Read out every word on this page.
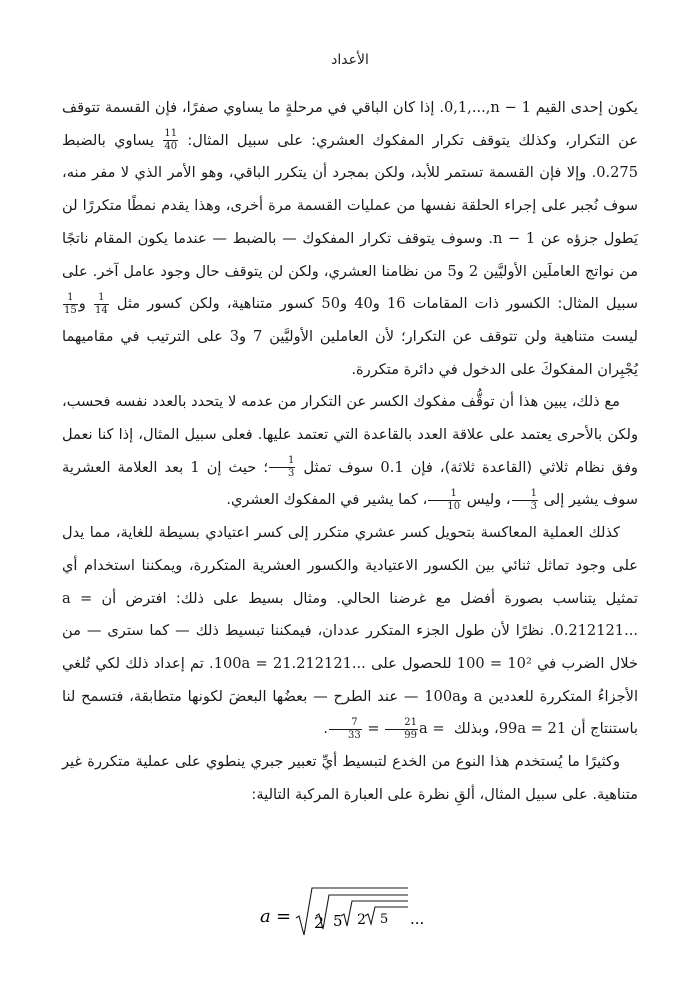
الأعداد

يكون إحدى القيم 0,1,...,n − 1. إذا كان الباقي في مرحلةٍ ما يساوي صفرًا، فإن القسمة تتوقف عن التكرار، وكذلك يتوقف تكرار المفكوك العشري: على سبيل المثال:
$\frac{11}{40}$
يساوي بالضبط 0.275. وإلا فإن القسمة تستمر للأبد، ولكن بمجرد أن يتكرر الباقي، وهو الأمر الذي لا مفر منه، سوف نُجبر على إجراء الحلقة نفسها من عمليات القسمة مرة أخرى، وهذا يقدم نمطًا متكررًا لن يَطول جزؤه عن n − 1. وسوف يتوقف تكرار المفكوك — بالضبط — عندما يكون المقام ناتجًا من نواتج العاملَين الأوليَّين 2 و5 من نظامنا العشري، ولكن لن يتوقف حال وجود عامل آخر. على سبيل المثال: الكسور ذات المقامات 16 و40 و50 كسور متناهية، ولكن كسور مثل
$\frac{1}{14}$
و
$\frac{1}{15}$
ليست متناهية ولن تتوقف عن التكرار؛ لأن العاملين الأوليَّين 7 و3 على الترتيب في مقاميهما يُجْبِران المفكوكَ على الدخول في دائرة متكررة.

مع ذلك، يبين هذا أن توقُّف مفكوك الكسر عن التكرار من عدمه لا يتحدد بالعدد نفسه فحسب، ولكن بالأحرى يعتمد على علاقة العدد بالقاعدة التي تعتمد عليها. فعلى سبيل المثال، إذا كنا نعمل وفق نظام ثلاثي (القاعدة ثلاثة)، فإن 0.1 سوف تمثل
$\frac{1}{3}$
؛ حيث إن 1 بعد العلامة العشرية سوف يشير إلى
$\frac{1}{3}$
، وليس
$\frac{1}{10}$
، كما يشير في المفكوك العشري.

كذلك العملية المعاكسة بتحويل كسر عشري متكرر إلى كسر اعتيادي بسيطة للغاية، مما يدل على وجود تماثل ثنائي بين الكسور الاعتيادية والكسور العشرية المتكررة، ويمكننا استخدام أي تمثيل يتناسب بصورة أفضل مع غرضنا الحالي. ومثال بسيط على ذلك: افترض أن a = 0.212121.... نظرًا لأن طول الجزء المتكرر عددان، فيمكننا تبسيط ذلك — كما سترى — من خلال الضرب في 100 = 10² للحصول على 100a = 21.212121.... تم إعداد ذلك لكي تُلغي الأجزاءُ المتكررة للعددين a و100a — عند الطرح — بعضُها البعضَ لكونها متطابقة، فتسمح لنا باستنتاج أن 99a = 21، وبذلك a =
$\frac{21}{99}$
=
$\frac{7}{33}$
.

وكثيرًا ما يُستخدم هذا النوع من الخدع لتبسيط أيِّ تعبير جبري ينطوي على عملية متكررة غير متناهية. على سبيل المثال، ألقِ نظرة على العبارة المركبة التالية:

a = 2 5 2 5 ...
